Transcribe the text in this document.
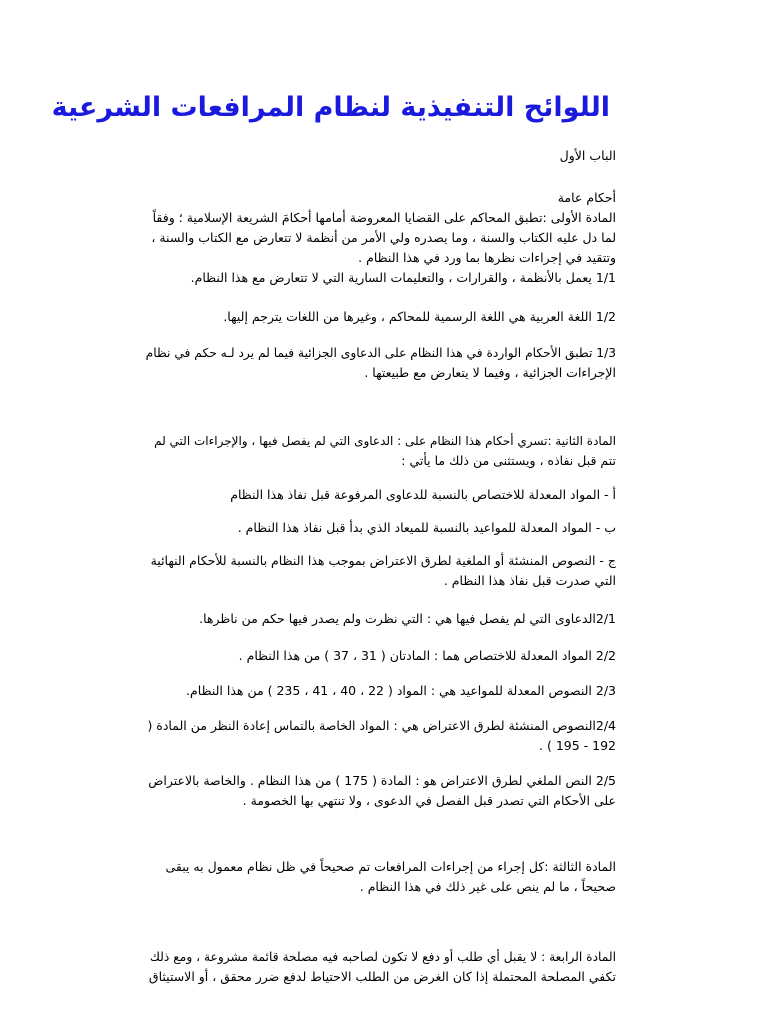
اللوائح التنفيذية لنظام المرافعات الشرعية
الباب الأول
أحكام عامة
المادة الأولى :تطبق المحاكم على القضايا المعروضة أمامها أحكامَ الشريعة الإسلامية ؛ وفقاً
لما دل عليه الكتاب والسنة ، وما يصدره ولي الأمر من أنظمة لا تتعارض مع الكتاب والسنة ،
وتتقيد في إجراءات نظرها بما ورد في هذا النظام .
1/1 يعمل بالأنظمة ، والقرارات ، والتعليمات السارية التي لا تتعارض مع هذا النظام.
1/2 اللغة العربية هي اللغة الرسمية للمحاكم ، وغيرها من اللغات يترجم إليها.
1/3 تطبق الأحكام الواردة في هذا النظام على الدعاوى الجزائية فيما لم يرد لـه حكم في نظام
الإجراءات الجزائية ، وفيما لا يتعارض مع طبيعتها .
المادة الثانية :تسري أحكام هذا النظام على : الدعاوى التي لم يفصل فيها ، والإجراءات التي لم
تتم قبل نفاذه ، ويستثنى من ذلك ما يأتي :
أ - المواد المعدلة للاختصاص بالنسبة للدعاوى المرفوعة قبل نفاذ هذا النظام
ب - المواد المعدلة للمواعيد بالنسبة للميعاد الذي بدأ قبل نفاذ هذا النظام .
ج - النصوص المنشئة أو الملغية لطرق الاعتراض بموجب هذا النظام بالنسبة للأحكام النهائية
التي صدرت قبل نفاذ هذا النظام .
2/1الدعاوى التي لم يفصل فيها هي : التي نظرت ولم يصدر فيها حكم من ناظرها.
2/2 المواد المعدلة للاختصاص هما : المادتان ( 31 ، 37 ) من هذا النظام .
2/3 النصوص المعدلة للمواعيد هي : المواد ( 22 ، 40 ، 41 ، 235 ) من هذا النظام.
2/4النصوص المنشئة لطرق الاعتراض هي : المواد الخاصة بالتماس إعادة النظر من المادة (
192 - 195 ) .
2/5 النص الملغي لطرق الاعتراض هو : المادة ( 175 ) من هذا النظام . والخاصة بالاعتراض
على الأحكام التي تصدر قبل الفصل في الدعوى ، ولا تنتهي بها الخصومة .
المادة الثالثة :كل إجراء من إجراءات المرافعات تم صحيحاً في ظل نظام معمول به يبقى
صحيحاً ، ما لم ينص على غير ذلك في هذا النظام .
المادة الرابعة : لا يقبل أي طلب أو دفع لا تكون لصاحبه فيه مصلحة قائمة مشروعة ، ومع ذلك
تكفي المصلحة المحتملة إذا كان الغرض من الطلب الاحتياط لدفع ضرر محقق ، أو الاستيثاق
